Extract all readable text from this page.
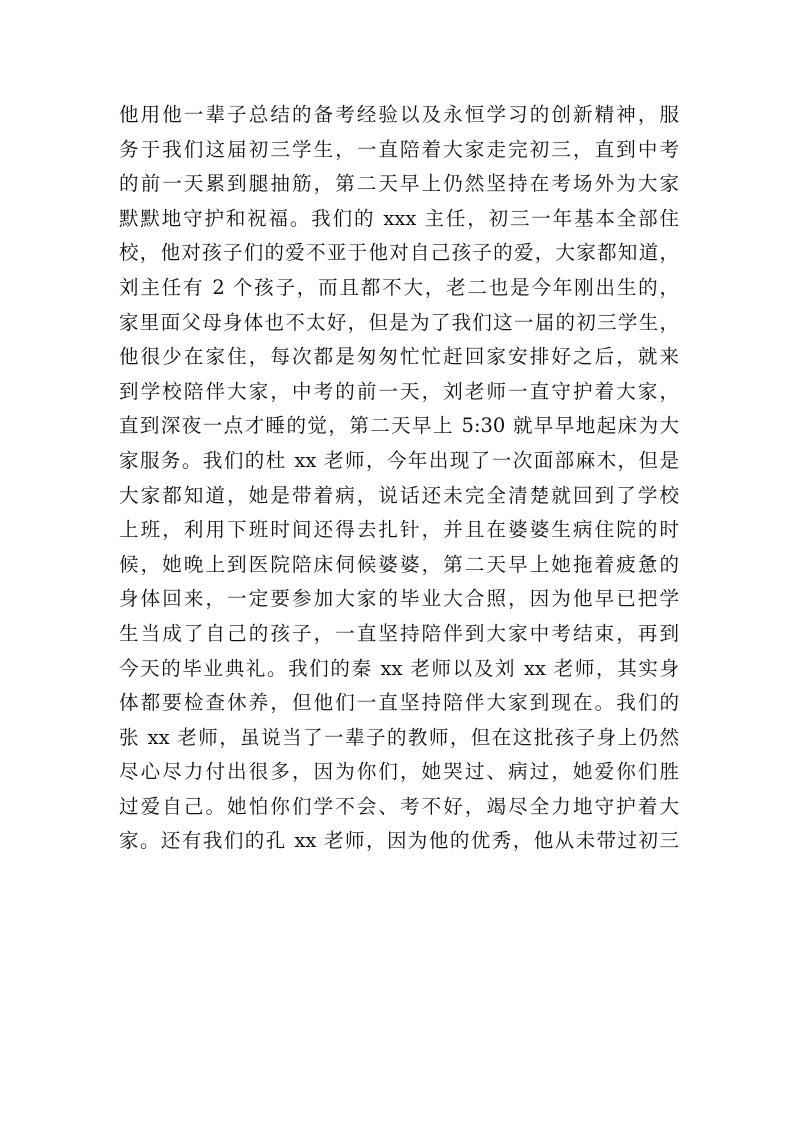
他用他一辈子总结的备考经验以及永恒学习的创新精神，服
务于我们这届初三学生，一直陪着大家走完初三，直到中考
的前一天累到腿抽筋，第二天早上仍然坚持在考场外为大家
默默地守护和祝福。我们的 xxx 主任，初三一年基本全部住
校，他对孩子们的爱不亚于他对自己孩子的爱，大家都知道，
刘主任有 2 个孩子，而且都不大，老二也是今年刚出生的，
家里面父母身体也不太好，但是为了我们这一届的初三学生，
他很少在家住，每次都是匆匆忙忙赶回家安排好之后，就来
到学校陪伴大家，中考的前一天，刘老师一直守护着大家，
直到深夜一点才睡的觉，第二天早上 5:30 就早早地起床为大
家服务。我们的杜 xx 老师，今年出现了一次面部麻木，但是
大家都知道，她是带着病，说话还未完全清楚就回到了学校
上班，利用下班时间还得去扎针，并且在婆婆生病住院的时
候，她晚上到医院陪床伺候婆婆，第二天早上她拖着疲惫的
身体回来，一定要参加大家的毕业大合照，因为他早已把学
生当成了自己的孩子，一直坚持陪伴到大家中考结束，再到
今天的毕业典礼。我们的秦 xx 老师以及刘 xx 老师，其实身
体都要检查休养，但他们一直坚持陪伴大家到现在。我们的
张 xx 老师，虽说当了一辈子的教师，但在这批孩子身上仍然
尽心尽力付出很多，因为你们，她哭过、病过，她爱你们胜
过爱自己。她怕你们学不会、考不好，竭尽全力地守护着大
家。还有我们的孔 xx 老师，因为他的优秀，他从未带过初三
